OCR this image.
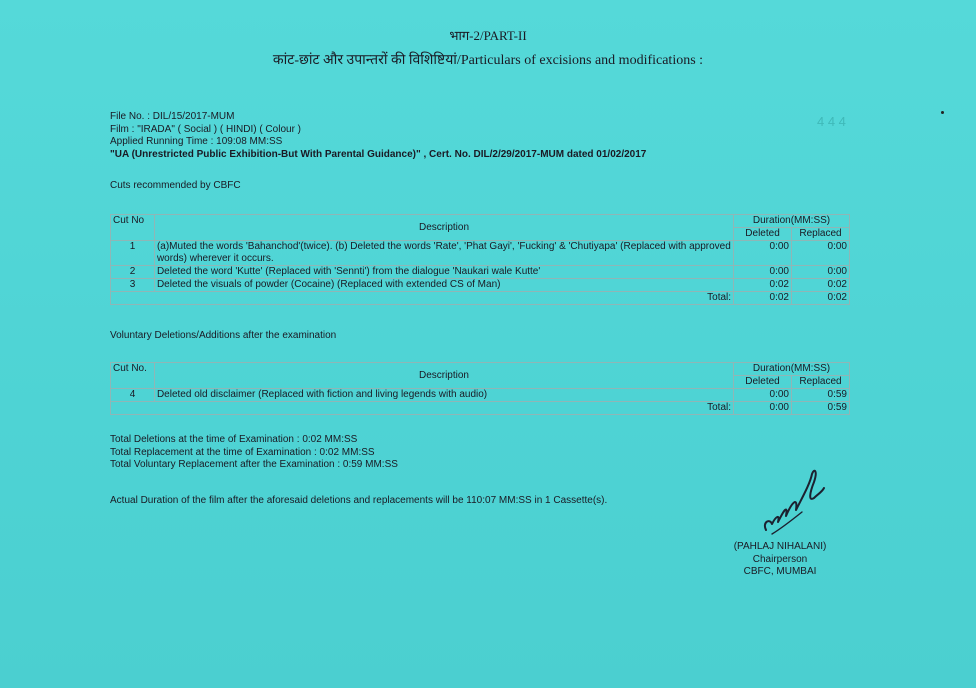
भाग-2/PART-II
कांट-छांट और उपान्तरों की विशिष्टियां/Particulars of excisions and modifications :
4 4 4
File No. : DIL/15/2017-MUM
Film : "IRADA" ( Social ) ( HINDI) ( Colour )
Applied Running Time : 109:08 MM:SS
"UA (Unrestricted Public Exhibition-But With Parental Guidance)" , Cert. No. DIL/2/29/2017-MUM dated 01/02/2017
Cuts recommended by CBFC
Cut No	Description	Duration(MM:SS)	
		Deleted	Replaced
1	(a)Muted the words 'Bahanchod'(twice). (b) Deleted the words 'Rate', 'Phat Gayi', 'Fucking' & 'Chutiyapa' (Replaced with approved words) wherever it occurs.	0:00	0:00
2	Deleted the word 'Kutte' (Replaced with 'Sennti') from the dialogue 'Naukari wale Kutte'	0:00	0:00
3	Deleted the visuals of powder (Cocaine) (Replaced with extended CS of Man)	0:02	0:02
	Total:	0:02	0:02
Voluntary Deletions/Additions after the examination
Cut No.	Description	Duration(MM:SS)	
		Deleted	Replaced
4	Deleted old disclaimer (Replaced with fiction and living legends with audio)	0:00	0:59
	Total:	0:00	0:59
Total Deletions at the time of Examination : 0:02 MM:SS
Total Replacement at the time of Examination : 0:02 MM:SS
Total Voluntary Replacement after the Examination : 0:59 MM:SS
Actual Duration of the film after the aforesaid deletions and replacements will be 110:07 MM:SS in 1 Cassette(s).
(PAHLAJ NIHALANI)
Chairperson
CBFC, MUMBAI
